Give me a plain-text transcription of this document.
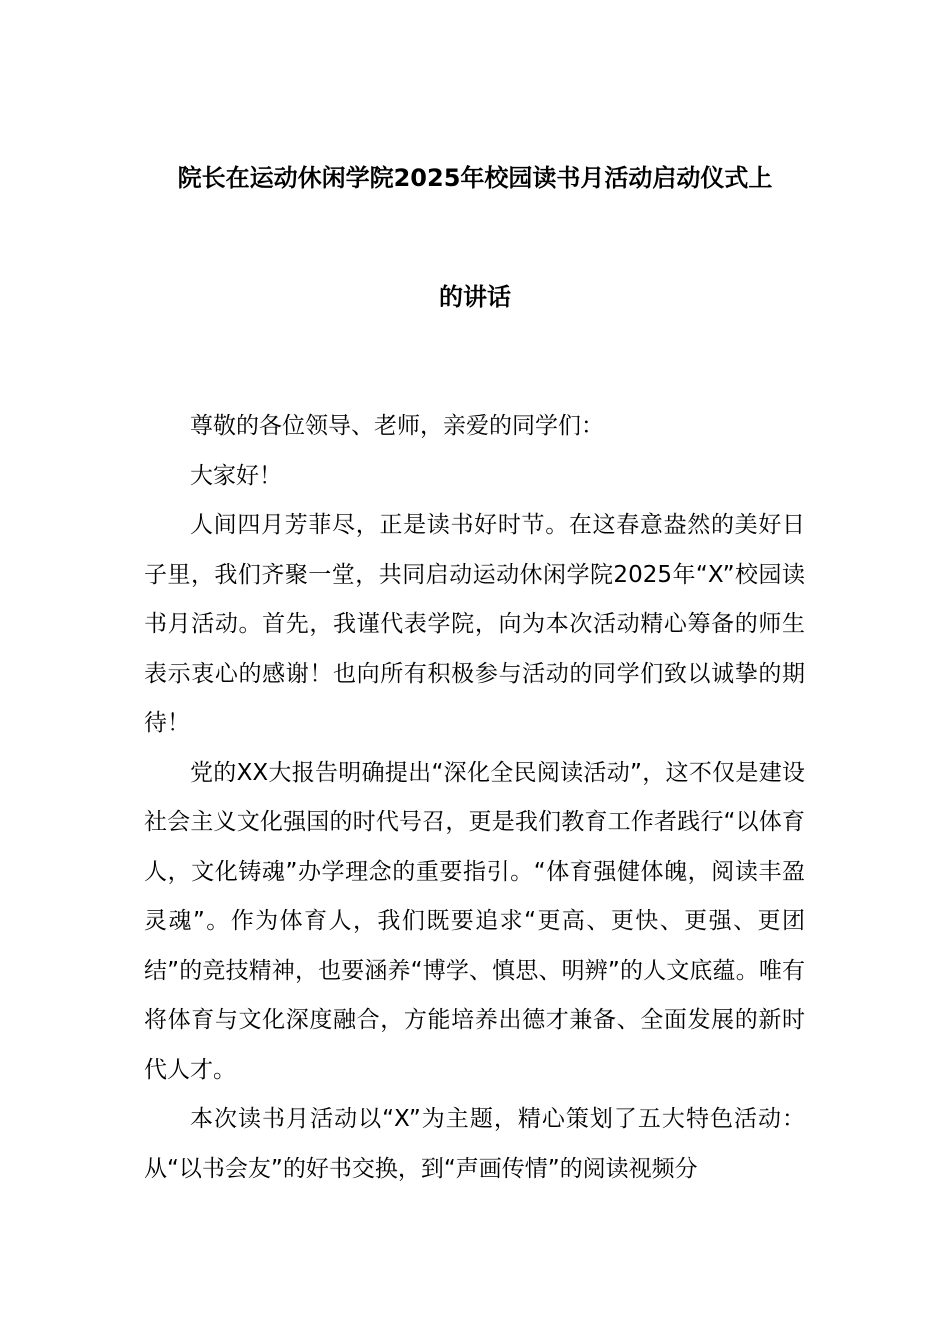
院长在运动休闲学院2025年校园读书月活动启动仪式上
的讲话

尊敬的各位领导、老师，亲爱的同学们：

大家好！

人间四月芳菲尽，正是读书好时节。在这春意盎然的美好日子里，我们齐聚一堂，共同启动运动休闲学院2025年“X”校园读书月活动。首先，我谨代表学院，向为本次活动精心筹备的师生表示衷心的感谢！也向所有积极参与活动的同学们致以诚挚的期待！

党的XX大报告明确提出“深化全民阅读活动”，这不仅是建设社会主义文化强国的时代号召，更是我们教育工作者践行“以体育人，文化铸魂”办学理念的重要指引。“体育强健体魄，阅读丰盈灵魂”。作为体育人，我们既要追求“更高、更快、更强、更团结”的竞技精神，也要涵养“博学、慎思、明辨”的人文底蕴。唯有将体育与文化深度融合，方能培养出德才兼备、全面发展的新时代人才。

本次读书月活动以“X”为主题，精心策划了五大特色活动：从“以书会友”的好书交换，到“声画传情”的阅读视频分
